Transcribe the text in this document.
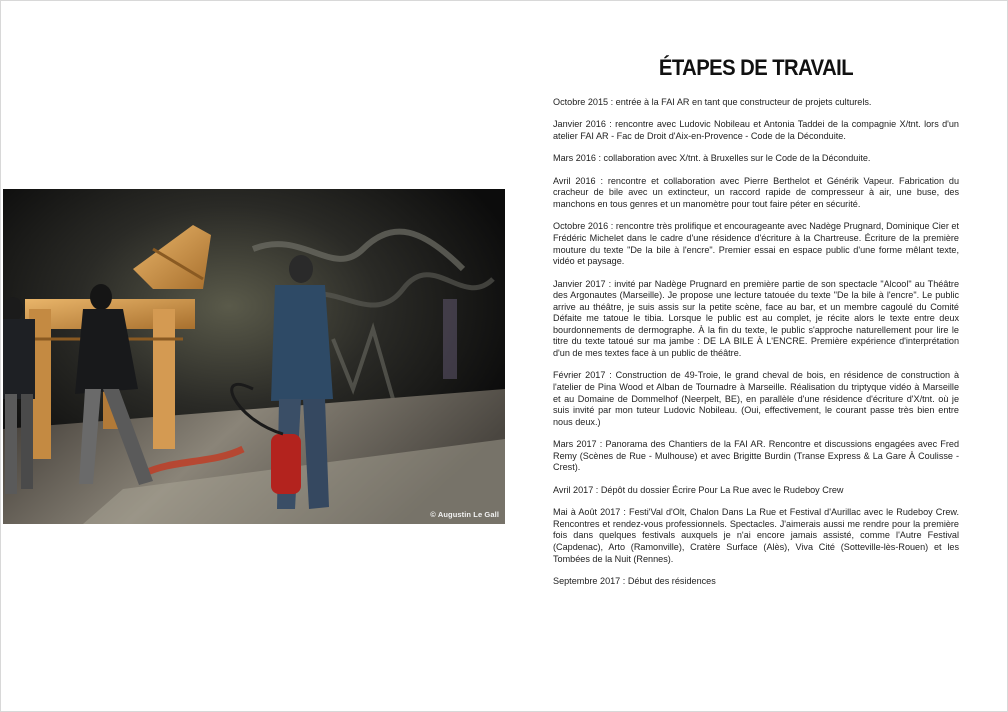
© Augustin Le Gall
ÉTAPES DE TRAVAIL

Octobre 2015 : entrée à la FAI AR en tant que constructeur de projets culturels.

Janvier 2016 : rencontre avec Ludovic Nobileau et Antonia Taddei de la compagnie X/tnt. lors d'un atelier FAI AR - Fac de Droit d'Aix-en-Provence - Code de la Déconduite.

Mars 2016 : collaboration avec X/tnt. à Bruxelles sur le Code de la Déconduite.

Avril 2016 : rencontre et collaboration avec Pierre Berthelot et Générik Vapeur. Fabrication du cracheur de bile avec un extincteur, un raccord rapide de compresseur à air, une buse, des manchons en tous genres et un manomètre pour tout faire péter en sécurité.

Octobre 2016 : rencontre très prolifique et encourageante avec Nadège Prugnard, Dominique Cier et Frédéric Michelet dans le cadre d'une résidence d'écriture à la Chartreuse. Écriture de la première mouture du texte "De la bile à l'encre". Premier essai en espace public d'une forme mêlant texte, vidéo et paysage.

Janvier 2017 : invité par Nadège Prugnard en première partie de son spectacle "Alcool" au Théâtre des Argonautes (Marseille). Je propose une lecture tatouée du texte "De la bile à l'encre". Le public arrive au théâtre, je suis assis sur la petite scène, face au bar, et un membre cagoulé du Comité Défaite me tatoue le tibia. Lorsque le public est au complet, je récite alors le texte entre deux bourdonnements de dermographe. À la fin du texte, le public s'approche naturellement pour lire le titre du texte tatoué sur ma jambe : DE LA BILE À L'ENCRE. Première expérience d'interprétation d'un de mes textes face à un public de théâtre.

Février 2017 : Construction de 49-Troie, le grand cheval de bois, en résidence de construction à l'atelier de Pina Wood et Alban de Tournadre à Marseille. Réalisation du triptyque vidéo à Marseille et au Domaine de Dommelhof (Neerpelt, BE), en parallèle d'une résidence d'écriture d'X/tnt. où je suis invité par mon tuteur Ludovic Nobileau. (Oui, effectivement, le courant passe très bien entre nous deux.)

Mars 2017 : Panorama des Chantiers de la FAI AR. Rencontre et discussions engagées avec Fred Remy (Scènes de Rue - Mulhouse) et avec Brigitte Burdin (Transe Express & La Gare À Coulisse - Crest).

Avril 2017 : Dépôt du dossier Écrire Pour La Rue avec le Rudeboy Crew

Mai à Août 2017 : Festi'Val d'Olt, Chalon Dans La Rue et Festival d'Aurillac avec le Rudeboy Crew. Rencontres et rendez-vous professionnels. Spectacles. J'aimerais aussi me rendre pour la première fois dans quelques festivals auxquels je n'ai encore jamais assisté, comme l'Autre Festival (Capdenac), Arto (Ramonville), Cratère Surface (Alès), Viva Cité (Sotteville-lès-Rouen) et les Tombées de la Nuit (Rennes).

Septembre 2017 : Début des résidences
